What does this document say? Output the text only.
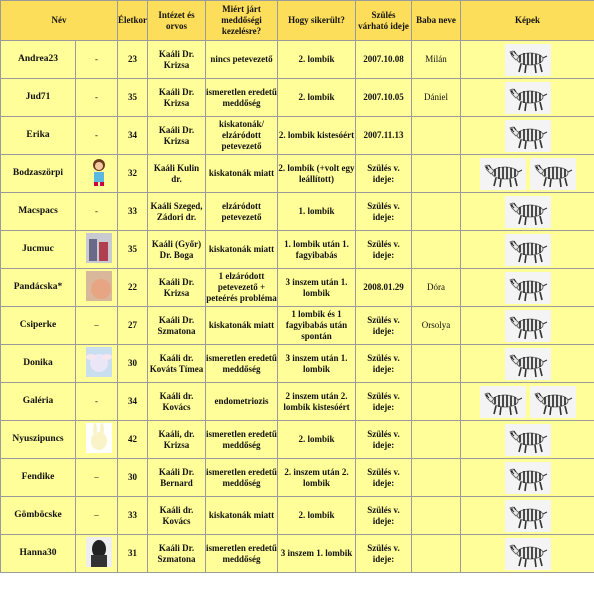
Név		Életkor	Intézet és orvos	Miért járt meddőségi kezelésre?	Hogy sikerült?	Szülés várható ideje	Baba neve	Képek
Andrea23	-	23	Kaáli Dr. Krizsa	nincs petevezető	2. lombik	2007.10.08	Milán	

Jud71	-	35	Kaáli Dr. Krizsa	ismeretlen eredetű meddőség	2. lombik	2007.10.05	Dániel	

Erika	-	34	Kaáli Dr. Krizsa	kiskatonák/ elzáródott petevezető	2. lombik kistesóért	2007.11.13		

Bodzaszörpi		32	Kaáli Kulin dr.	kiskatonák miatt	2. lombik (+volt egy leállított)	Szülés v. ideje:		

Macspacs	-	33	Kaáli Szeged, Zádori dr.	elzáródott petevezető	1. lombik	Szülés v. ideje:		

Jucmuc		35	Kaáli (Győr) Dr. Boga	kiskatonák miatt	1. lombik után 1. fagyibabás	Szülés v. ideje:		

Pandácska*		22	Kaáli Dr. Krizsa	1 elzáródott petevezető + peteérés probléma	3 inszem után 1. lombik	2008.01.29	Dóra	

Csiperke	–	27	Kaáli Dr. Szmatona	kiskatonák miatt	1 lombik és 1 fagyibabás után spontán	Szülés v. ideje:	Orsolya	

Donika		30	Kaáli dr. Kováts Tímea	ismeretlen eredetű meddőség	3 inszem után 1. lombik	Szülés v. ideje:		

Galéria	-	34	Kaáli dr. Kovács	endometriozis	2 inszem után 2. lombik kistesóért	Szülés v. ideje:		

Nyuszipuncs		42	Kaáli, dr. Krizsa	ismeretlen eredetű meddőség	2. lombik	Szülés v. ideje:		

Fendike	–	30	Kaáli Dr. Bernard	ismeretlen eredetű meddőség	2. inszem után 2. lombik	Szülés v. ideje:		

Gömböcske	–	33	Kaáli dr. Kovács	kiskatonák miatt	2. lombik	Szülés v. ideje:		

Hanna30		31	Kaáli Dr. Szmatona	ismeretlen eredetű meddőség	3 inszem 1. lombik	Szülés v. ideje:		
